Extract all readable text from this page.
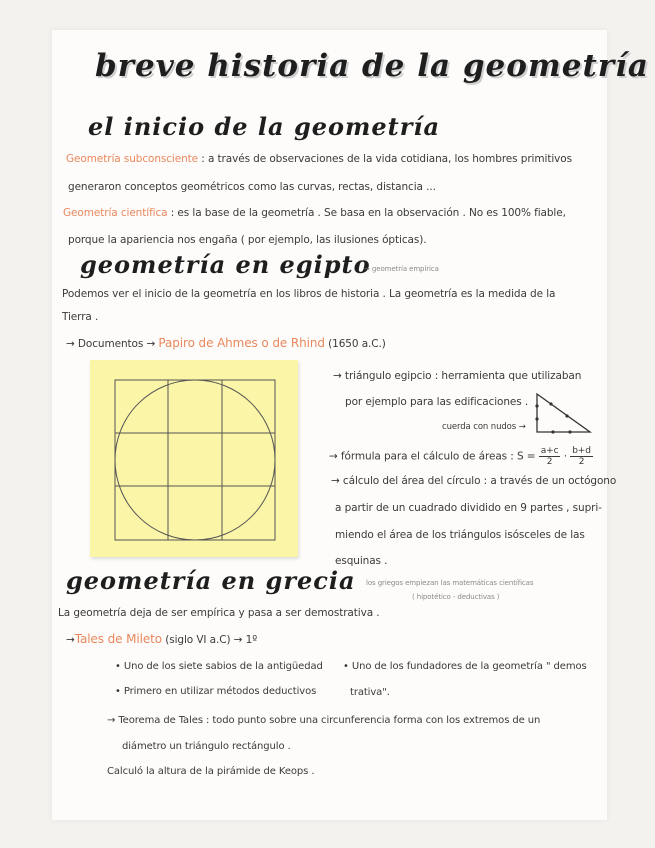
breve historia de la geometría
el inicio de la geometría
Geometría subconsciente : a través de observaciones de la vida cotidiana, los hombres primitivos
generaron conceptos geométricos como las curvas, rectas, distancia ...
Geometría científica : es la base de la geometría . Se basa en la observación . No es 100% fiable,
porque la apariencia nos engaña ( por ejemplo, las ilusiones ópticas).
geometría en egipto
→ geometría empírica
Podemos ver el inicio de la geometría en los libros de historia . La geometría es la medida de la
Tierra .
→ Documentos → Papiro de Ahmes o de Rhind (1650 a.C.)
→ triángulo egipcio : herramienta que utilizaban
por ejemplo para las edificaciones .
cuerda con nudos →
→ fórmula para el cálculo de áreas : $S = \frac{a+c}{2} \cdot \frac{b+d}{2}$
→ cálculo del área del círculo : a través de un octógono
a partir de un cuadrado dividido en 9 partes , supri-
miendo el área de los triángulos isósceles de las
esquinas .
geometría en grecia los griegos empiezan las matemáticas científicas
( hipotético - deductivas )
La geometría deja de ser empírica y pasa a ser demostrativa .
→Tales de Mileto (siglo VI a.C) → 1º
• Uno de los siete sabios de la antigüedad • Uno de los fundadores de la geometría " demos
• Primero en utilizar métodos deductivos	trativa".
→ Teorema de Tales : todo punto sobre una circunferencia forma con los extremos de un
diámetro un triángulo rectángulo .
Calculó la altura de la pirámide de Keops .
